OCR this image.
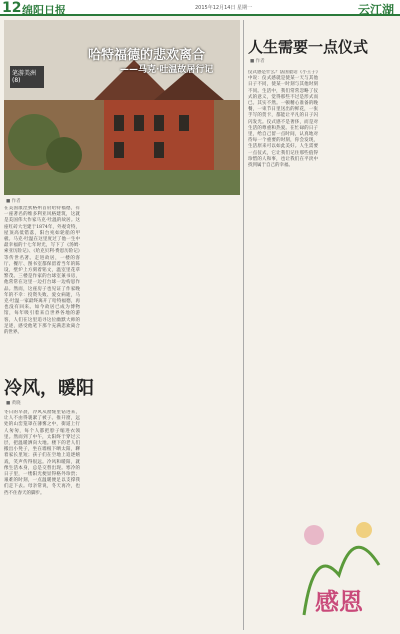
12 绵阳日报	2015年12月14日 星期一	云江湖
笔游美洲(8)
哈特福德的悲欢离合
——马克·吐温故居行记
■ 作者
在美国康涅狄格州首府哈特福德，有一座著名的维多利亚风格建筑，这就是美国伟大作家马克·吐温的故居。这座红砖大宅建于1874年，外观奇特，屋顶高低错落，阳台宛如轮船的甲板。马克·吐温在这里度过了他一生中最幸福的十七年时光，写下了《汤姆·索亚历险记》、《哈克贝利·费恩历险记》等传世名著。走进故居，一楼的客厅、餐厅、图书室都保留着当年的陈设，壁炉上方刻着铭文，温室里花草繁茂。三楼是作家的台球室兼书房，他常常在这里一边打台球一边构思作品。然而，这座房子也见证了作家晚年的不幸：投资失败、爱女病逝，马克·吐温一家最终离开了哈特福德，再也没有回来。如今故居已成为博物馆，每年吸引着来自世界各地的游客，人们在这里追寻这位幽默大师的足迹，感受他笔下那个充满悲欢离合的世界。
冷风，暖阳
■ 黄晓
冬日的早晨，冷风从窗缝里钻进来，让人不由得裹紧了被子。推开窗，远处的山峦笼罩在薄雾之中，街道上行人匆匆，每个人都把脖子缩进衣领里。然而到了中午，太阳终于穿过云层，把温暖洒向大地。楼下的老人们搬出小凳子，坐在墙根下晒太阳，聊着家长里短；孩子们在空地上追逐嬉戏，笑声传得很远。冷风和暖阳，就像生活本身，总是交替出现。寒冷的日子里，一缕阳光便显得格外珍贵；艰难的时刻，一点温暖便足以支撑我们走下去。母亲常说，冬天再冷，也挡不住春天的脚步。
人生需要一点仪式
■ 作者
仪式感是什么？法国童话《小王子》中说：仪式感就是使某一天与其他日子不同，使某一时刻与其他时刻不同。生活中，我们常常忽略了仪式的意义，觉得那些不过是形式而已。其实不然。一顿精心准备的晚餐，一束节日里送出的鲜花，一张手写的贺卡，都能让平凡的日子闪闪发光。仪式感不是奢侈，而是对生活的尊重和热爱。在忙碌的日子里，给自己留一点时间，认真地对待每一个重要的时刻，你会发现，生活原来可以如此美好。人生需要一点仪式，它让我们记住那些值得珍惜的人和事，也让我们在平淡中找到属于自己的幸福。
感恩
